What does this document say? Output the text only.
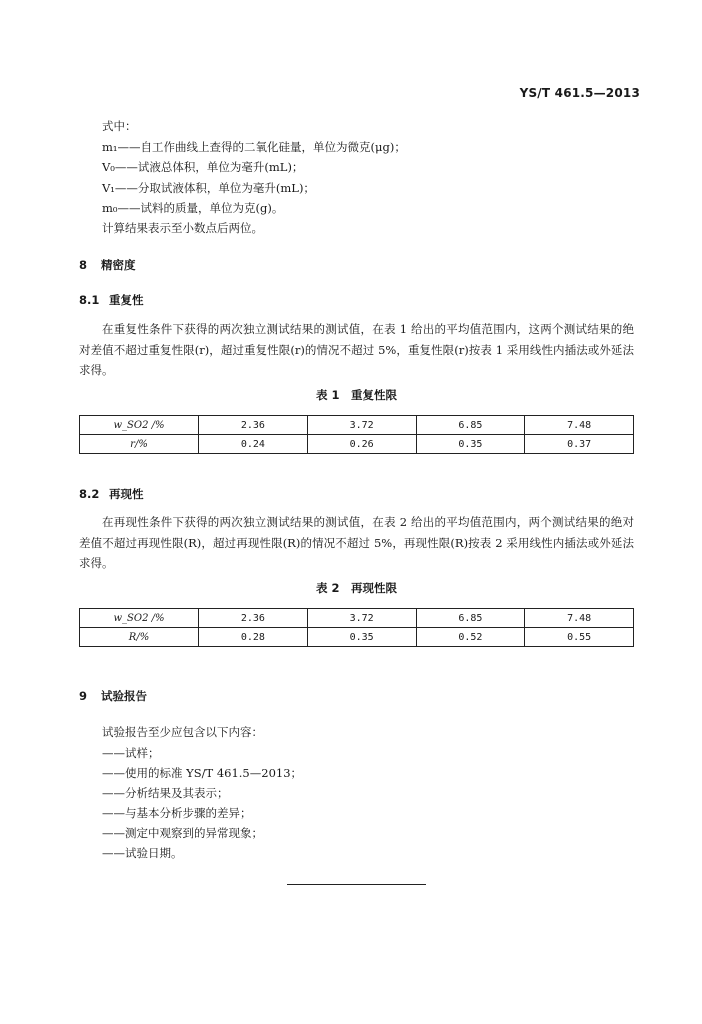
YS/T 461.5—2013
式中：
m₁——自工作曲线上查得的二氧化硅量，单位为微克(μg)；
V₀——试液总体积，单位为毫升(mL)；
V₁——分取试液体积，单位为毫升(mL)；
m₀——试料的质量，单位为克(g)。
计算结果表示至小数点后两位。
8 精密度
8.1 重复性
在重复性条件下获得的两次独立测试结果的测试值，在表 1 给出的平均值范围内，这两个测试结果的绝对差值不超过重复性限(r)，超过重复性限(r)的情况不超过 5%，重复性限(r)按表 1 采用线性内插法或外延法求得。
表 1　重复性限
w_SO2 /%	2.36	3.72	6.85	7.48
r/%	0.24	0.26	0.35	0.37
8.2 再现性
在再现性条件下获得的两次独立测试结果的测试值，在表 2 给出的平均值范围内，两个测试结果的绝对差值不超过再现性限(R)，超过再现性限(R)的情况不超过 5%，再现性限(R)按表 2 采用线性内插法或外延法求得。
表 2　再现性限
w_SO2 /%	2.36	3.72	6.85	7.48
R/%	0.28	0.35	0.52	0.55
9 试验报告
试验报告至少应包含以下内容：
——试样；
——使用的标准 YS/T 461.5—2013；
——分析结果及其表示；
——与基本分析步骤的差异；
——测定中观察到的异常现象；
——试验日期。
